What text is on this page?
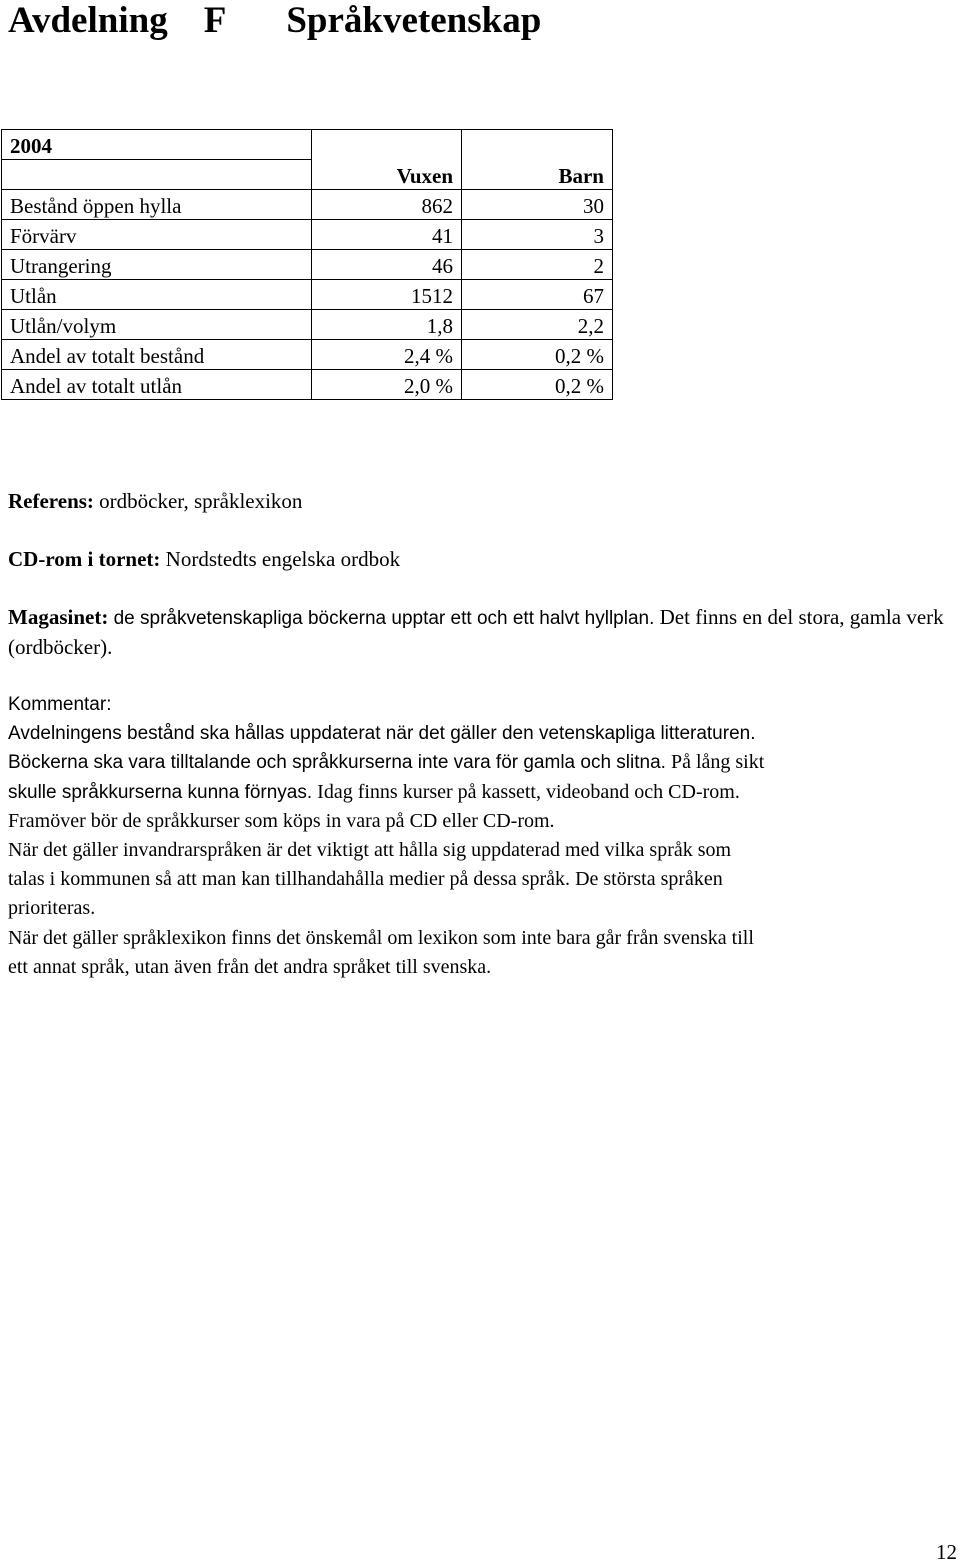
Avdelning F Språkvetenskap
2004	Vuxen	Barn

Bestånd öppen hylla	862	30
Förvärv	41	3
Utrangering	46	2
Utlån	1512	67
Utlån/volym	1,8	2,2
Andel av totalt bestånd	2,4 %	0,2 %
Andel av totalt utlån	2,0 %	0,2 %
Referens: ordböcker, språklexikon
CD-rom i tornet: Nordstedts engelska ordbok
Magasinet: de språkvetenskapliga böckerna upptar ett och ett halvt hyllplan. Det finns en del stora, gamla verk (ordböcker).
Kommentar:
Avdelningens bestånd ska hållas uppdaterat när det gäller den vetenskapliga litteraturen.
Böckerna ska vara tilltalande och språkkurserna inte vara för gamla och slitna. På lång sikt
skulle språkkurserna kunna förnyas. Idag finns kurser på kassett, videoband och CD-rom.
Framöver bör de språkkurser som köps in vara på CD eller CD-rom.
När det gäller invandrarspråken är det viktigt att hålla sig uppdaterad med vilka språk som
talas i kommunen så att man kan tillhandahålla medier på dessa språk. De största språken
prioriteras.
När det gäller språklexikon finns det önskemål om lexikon som inte bara går från svenska till
ett annat språk, utan även från det andra språket till svenska.
12
